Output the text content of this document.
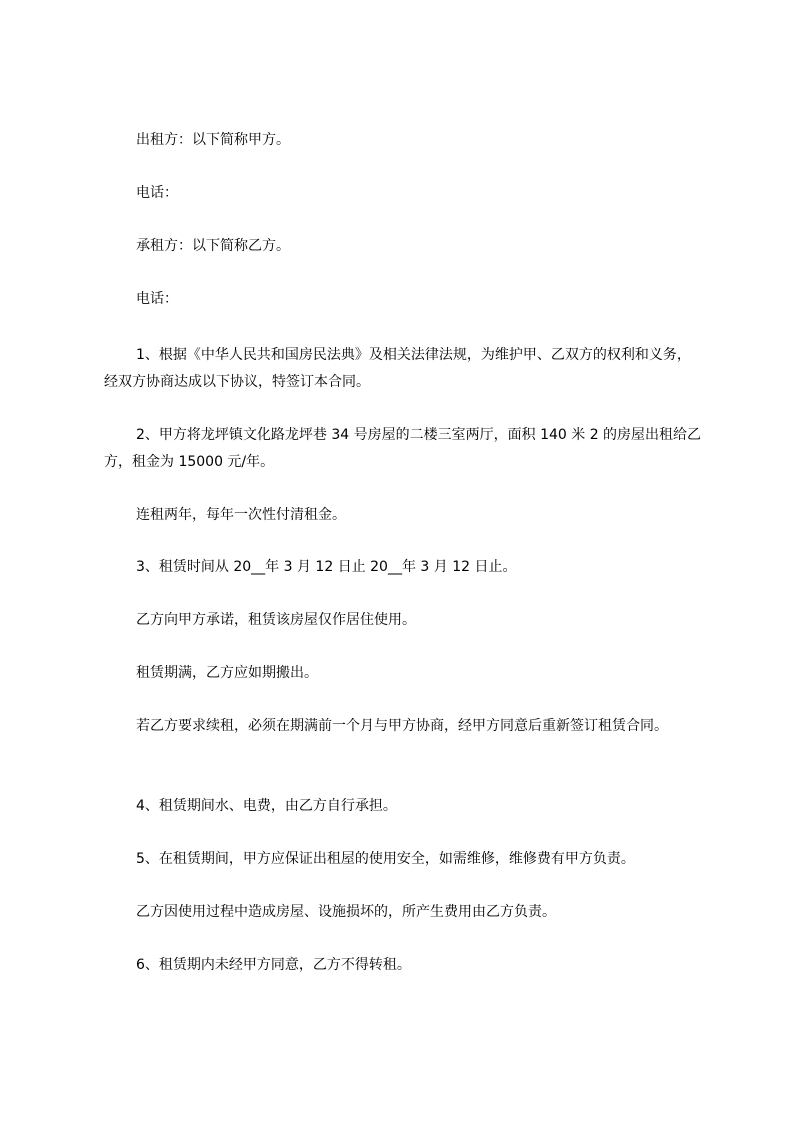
出租方：以下简称甲方。

电话：

承租方：以下简称乙方。

电话：

1、根据《中华人民共和国房民法典》及相关法律法规，为维护甲、乙双方的权利和义务，经双方协商达成以下协议，特签订本合同。

2、甲方将龙坪镇文化路龙坪巷 34 号房屋的二楼三室两厅，面积 140 米 2 的房屋出租给乙方，租金为 15000 元/年。

连租两年，每年一次性付清租金。

3、租赁时间从 20__年 3 月 12 日止 20__年 3 月 12 日止。

乙方向甲方承诺，租赁该房屋仅作居住使用。

租赁期满，乙方应如期搬出。

若乙方要求续租，必须在期满前一个月与甲方协商，经甲方同意后重新签订租赁合同。

4、租赁期间水、电费，由乙方自行承担。

5、在租赁期间，甲方应保证出租屋的使用安全，如需维修，维修费有甲方负责。

乙方因使用过程中造成房屋、设施损坏的，所产生费用由乙方负责。

6、租赁期内未经甲方同意，乙方不得转租。
